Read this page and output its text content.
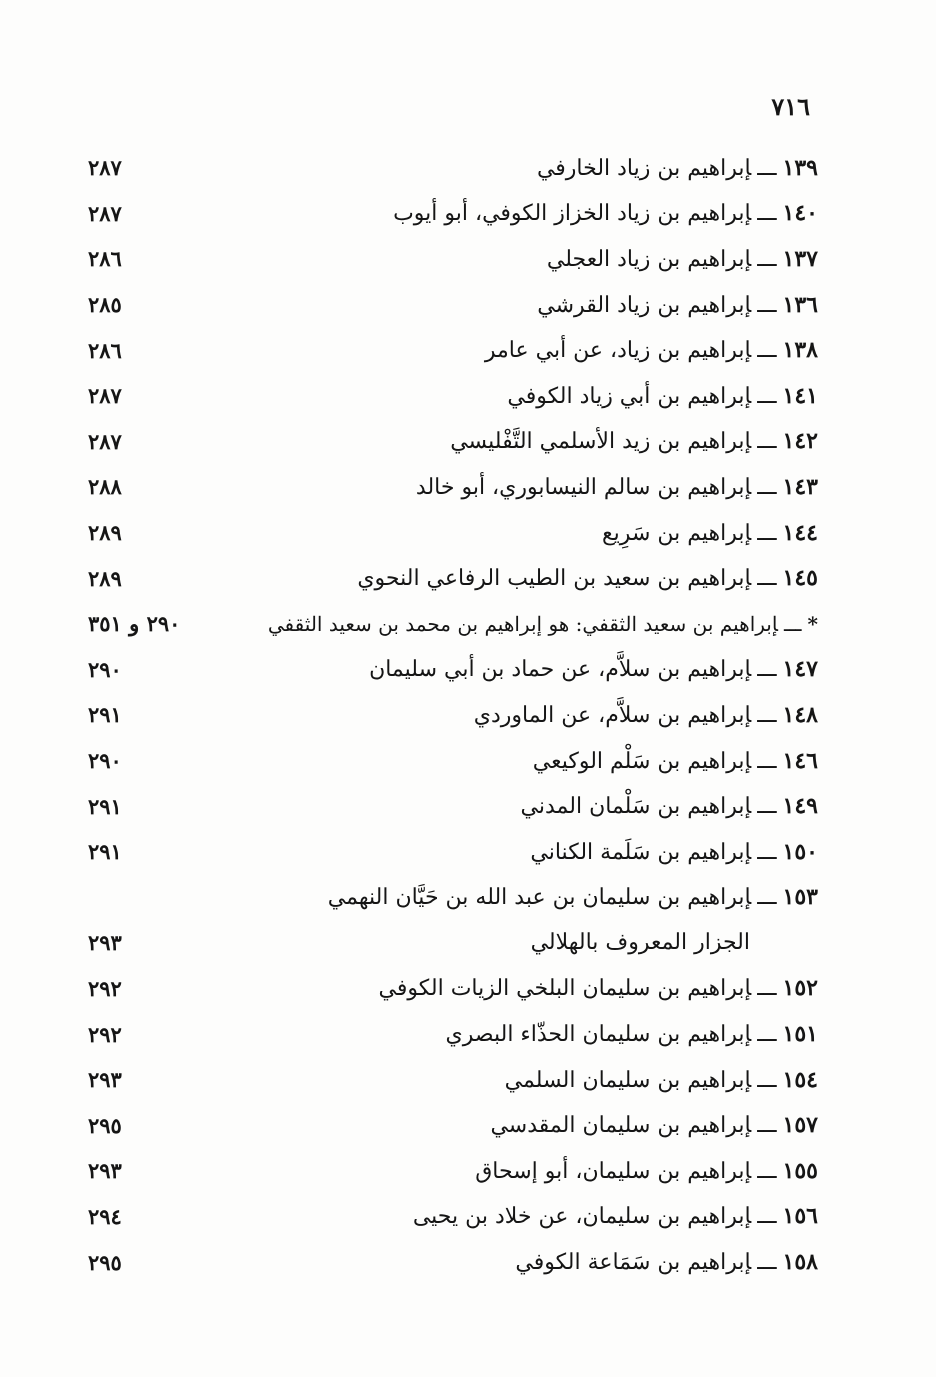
٧١٦
١٣٩ـــإبراهيم بن زياد الخارفي
٢٨٧
١٤٠ـــإبراهيم بن زياد الخزاز الكوفي، أبو أيوب
٢٨٧
١٣٧ـــإبراهيم بن زياد العجلي
٢٨٦
١٣٦ـــإبراهيم بن زياد القرشي
٢٨٥
١٣٨ـــإبراهيم بن زياد، عن أبي عامر
٢٨٦
١٤١ـــإبراهيم بن أبي زياد الكوفي
٢٨٧
١٤٢ـــإبراهيم بن زيد الأسلمي التَّفْليسي
٢٨٧
١٤٣ـــإبراهيم بن سالم النيسابوري، أبو خالد
٢٨٨
١٤٤ـــإبراهيم بن سَرِيع
٢٨٩
١٤٥ـــإبراهيم بن سعيد بن الطيب الرفاعي النحوي
٢٨٩
*ـــإبراهيم بن سعيد الثقفي: هو إبراهيم بن محمد بن سعيد الثقفي
٢٩٠ و ٣٥١
١٤٧ـــإبراهيم بن سلاَّم، عن حماد بن أبي سليمان
٢٩٠
١٤٨ـــإبراهيم بن سلاَّم، عن الماوردي
٢٩١
١٤٦ـــإبراهيم بن سَلْم الوكيعي
٢٩٠
١٤٩ـــإبراهيم بن سَلْمان المدني
٢٩١
١٥٠ـــإبراهيم بن سَلَمة الكناني
٢٩١
١٥٣ـــإبراهيم بن سليمان بن عبد الله بن حَيَّان النهمي
الجزار المعروف بالهلالي
٢٩٣
١٥٢ـــإبراهيم بن سليمان البلخي الزيات الكوفي
٢٩٢
١٥١ـــإبراهيم بن سليمان الحذّاء البصري
٢٩٢
١٥٤ـــإبراهيم بن سليمان السلمي
٢٩٣
١٥٧ـــإبراهيم بن سليمان المقدسي
٢٩٥
١٥٥ـــإبراهيم بن سليمان، أبو إسحاق
٢٩٣
١٥٦ـــإبراهيم بن سليمان، عن خلاد بن يحيى
٢٩٤
١٥٨ـــإبراهيم بن سَمَاعة الكوفي
٢٩٥
